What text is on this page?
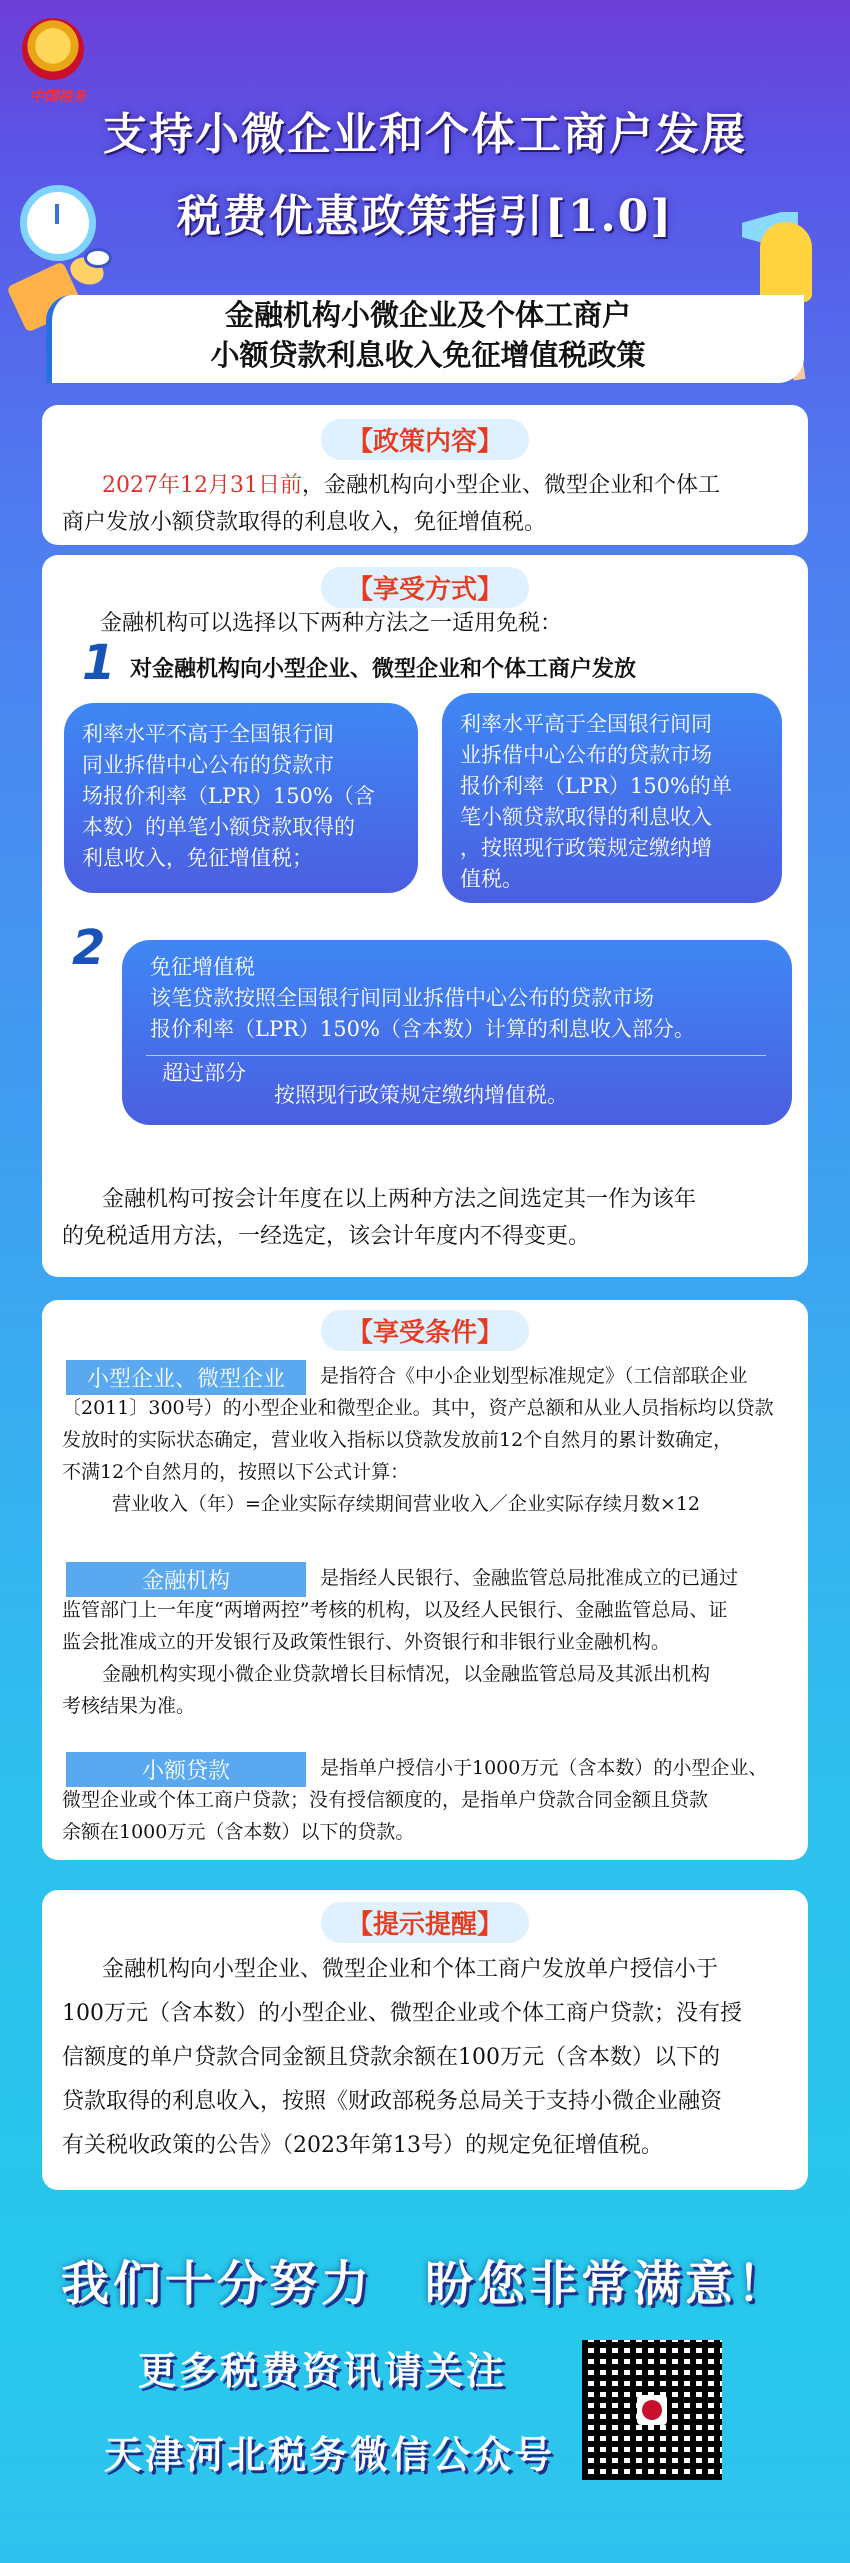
中国税务
支持小微企业和个体工商户发展
税费优惠政策指引[1.0]
金融机构小微企业及个体工商户
小额贷款利息收入免征增值税政策
【政策内容】
2027年12月31日前，金融机构向小型企业、微型企业和个体工
商户发放小额贷款取得的利息收入，免征增值税。
【享受方式】
金融机构可以选择以下两种方法之一适用免税：
1 对金融机构向小型企业、微型企业和个体工商户发放
利率水平不高于全国银行间
同业拆借中心公布的贷款市
场报价利率（LPR）150%（含
本数）的单笔小额贷款取得的
利息收入，免征增值税；
利率水平高于全国银行间同
业拆借中心公布的贷款市场
报价利率（LPR）150%的单
笔小额贷款取得的利息收入
，按照现行政策规定缴纳增
值税。
2 免征增值税
该笔贷款按照全国银行间同业拆借中心公布的贷款市场
报价利率（LPR）150%（含本数）计算的利息收入部分。
超过部分
按照现行政策规定缴纳增值税。
金融机构可按会计年度在以上两种方法之间选定其一作为该年
的免税适用方法，一经选定，该会计年度内不得变更。
【享受条件】
小型企业、微型企业	是指符合《中小企业划型标准规定》（工信部联企业
〔2011〕300号）的小型企业和微型企业。其中，资产总额和从业人员指标均以贷款
发放时的实际状态确定，营业收入指标以贷款发放前12个自然月的累计数确定，
不满12个自然月的，按照以下公式计算：
营业收入（年）=企业实际存续期间营业收入／企业实际存续月数×12
金融机构	是指经人民银行、金融监管总局批准成立的已通过
监管部门上一年度“两增两控”考核的机构，以及经人民银行、金融监管总局、证
监会批准成立的开发银行及政策性银行、外资银行和非银行业金融机构。
金融机构实现小微企业贷款增长目标情况，以金融监管总局及其派出机构
考核结果为准。
小额贷款	是指单户授信小于1000万元（含本数）的小型企业、
微型企业或个体工商户贷款；没有授信额度的，是指单户贷款合同金额且贷款
余额在1000万元（含本数）以下的贷款。
【提示提醒】
金融机构向小型企业、微型企业和个体工商户发放单户授信小于
100万元（含本数）的小型企业、微型企业或个体工商户贷款；没有授
信额度的单户贷款合同金额且贷款余额在100万元（含本数）以下的
贷款取得的利息收入，按照《财政部税务总局关于支持小微企业融资
有关税收政策的公告》（2023年第13号）的规定免征增值税。
我们十分努力　盼您非常满意！
更多税费资讯请关注
天津河北税务微信公众号
